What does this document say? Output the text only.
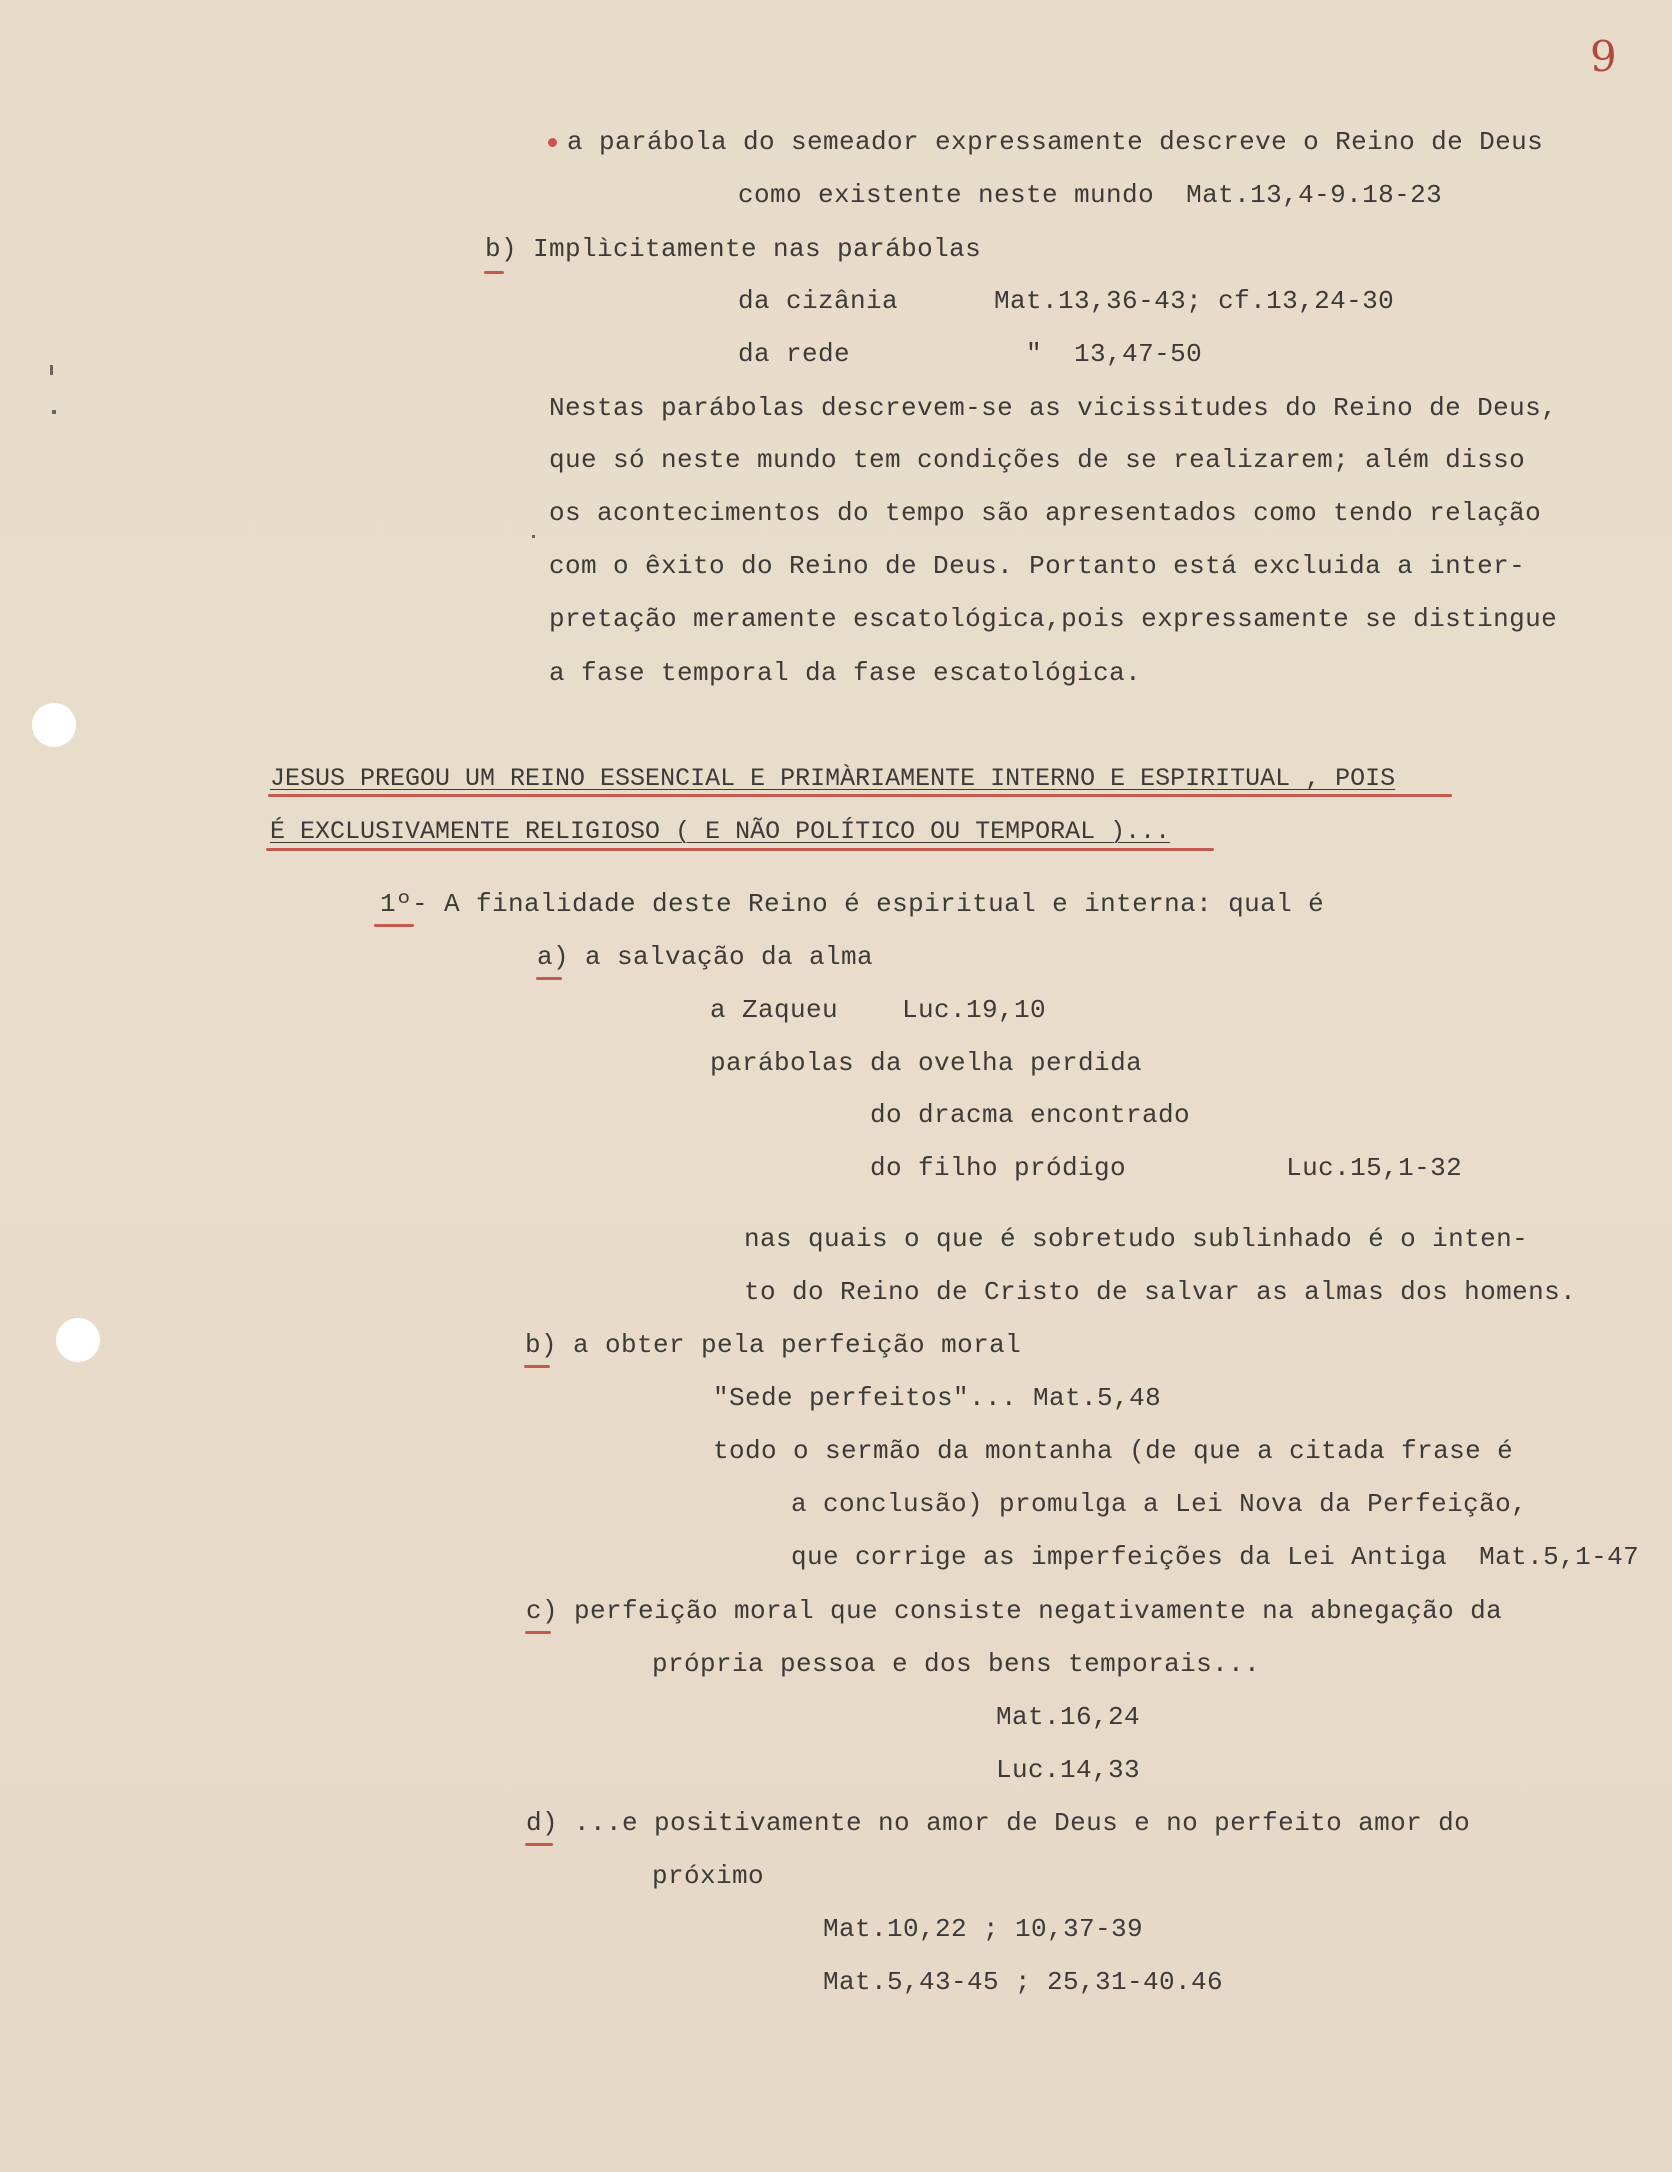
9
a parábola do semeador expressamente descreve o Reino de Deus
como existente neste mundo  Mat.13,4-9.18-23
b) Implìcitamente nas parábolas
da cizânia      Mat.13,36-43; cf.13,24-30
da rede           "  13,47-50
Nestas parábolas descrevem-se as vicissitudes do Reino de Deus,
que só neste mundo tem condições de se realizarem; além disso
os acontecimentos do tempo são apresentados como tendo relação
com o êxito do Reino de Deus. Portanto está excluida a inter-
pretação meramente escatológica,pois expressamente se distingue
a fase temporal da fase escatológica.
JESUS PREGOU UM REINO ESSENCIAL E PRIMÀRIAMENTE INTERNO E ESPIRITUAL , POIS
É EXCLUSIVAMENTE RELIGIOSO ( E NÃO POLÍTICO OU TEMPORAL )...
1º- A finalidade deste Reino é espiritual e interna: qual é
a) a salvação da alma
a Zaqueu    Luc.19,10
parábolas da ovelha perdida
do dracma encontrado
do filho pródigo          Luc.15,1-32
nas quais o que é sobretudo sublinhado é o inten-
to do Reino de Cristo de salvar as almas dos homens.
b) a obter pela perfeição moral
"Sede perfeitos"... Mat.5,48
todo o sermão da montanha (de que a citada frase é
a conclusão) promulga a Lei Nova da Perfeição,
que corrige as imperfeições da Lei Antiga  Mat.5,1-47
c) perfeição moral que consiste negativamente na abnegação da
própria pessoa e dos bens temporais...
Mat.16,24
Luc.14,33
d) ...e positivamente no amor de Deus e no perfeito amor do
próximo
Mat.10,22 ; 10,37-39
Mat.5,43-45 ; 25,31-40.46
